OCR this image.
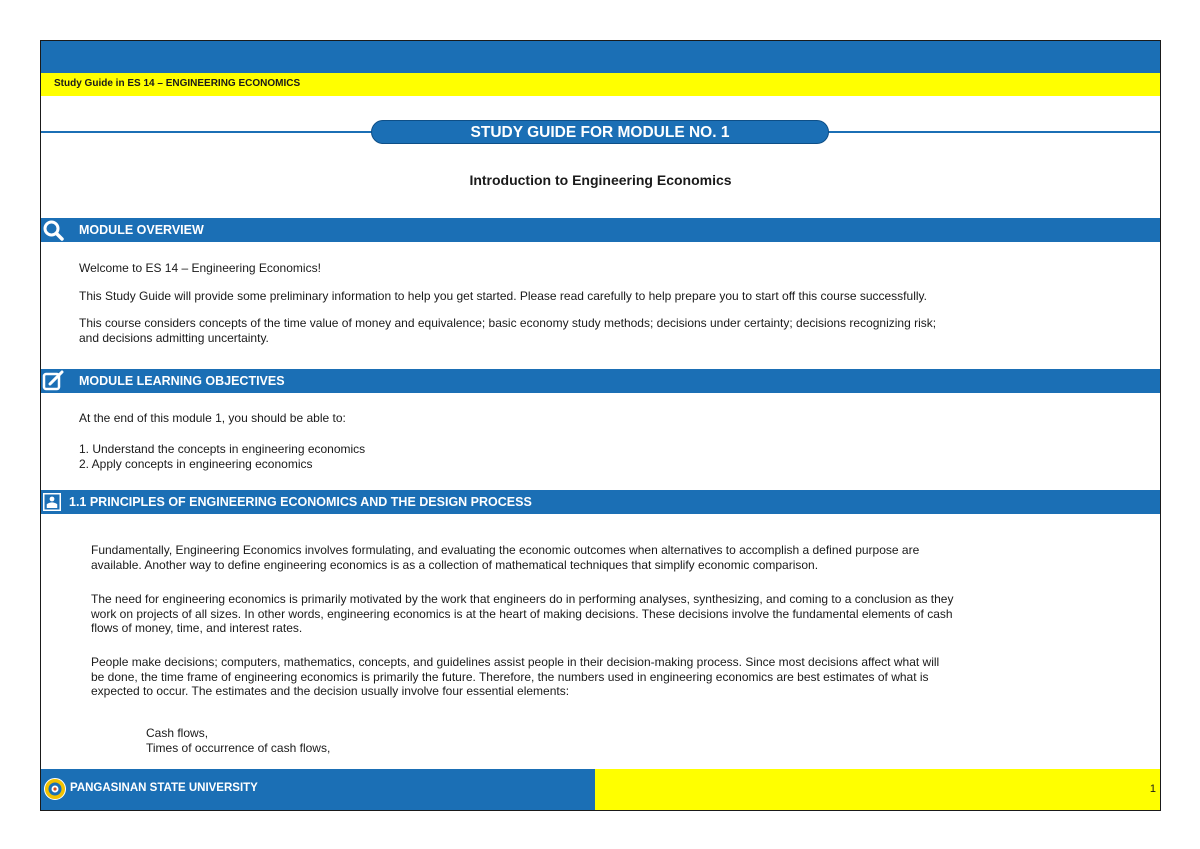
Study Guide in ES 14 – ENGINEERING ECONOMICS
STUDY GUIDE FOR MODULE NO. 1
Introduction to Engineering Economics
MODULE OVERVIEW
Welcome to ES 14 – Engineering Economics!
This Study Guide will provide some preliminary information to help you get started. Please read carefully to help prepare you to start off this course successfully.
This course considers concepts of the time value of money and equivalence; basic economy study methods; decisions under certainty; decisions recognizing risk;
and decisions admitting uncertainty.
MODULE LEARNING OBJECTIVES
At the end of this module 1, you should be able to:
1. Understand the concepts in engineering economics
2. Apply concepts in engineering economics
1.1 PRINCIPLES OF ENGINEERING ECONOMICS AND THE DESIGN PROCESS
Fundamentally, Engineering Economics involves formulating, and evaluating the economic outcomes when alternatives to accomplish a defined purpose are
available. Another way to define engineering economics is as a collection of mathematical techniques that simplify economic comparison.
The need for engineering economics is primarily motivated by the work that engineers do in performing analyses, synthesizing, and coming to a conclusion as they
work on projects of all sizes. In other words, engineering economics is at the heart of making decisions. These decisions involve the fundamental elements of cash
flows of money, time, and interest rates.
People make decisions; computers, mathematics, concepts, and guidelines assist people in their decision-making process. Since most decisions affect what will
be done, the time frame of engineering economics is primarily the future. Therefore, the numbers used in engineering economics are best estimates of what is
expected to occur. The estimates and the decision usually involve four essential elements:
Cash flows,
Times of occurrence of cash flows,
PANGASINAN STATE UNIVERSITY	1
